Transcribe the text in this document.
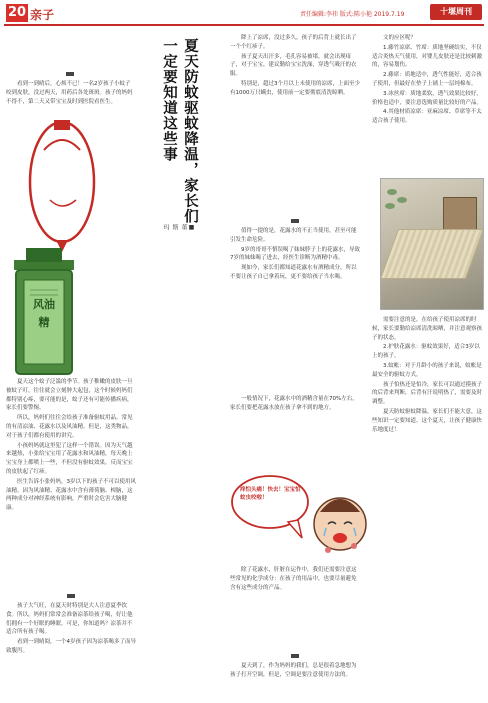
20 亲子	责任编辑:李祎 版式:陈小艳 2019.7.19	十堰周刊

看到一到晴后，心烦不已！一名2岁孩子小蚊子咬到皮肤，没过两天，用药后各处斑斑。孩子的妈妈不得不，第二天又带宝宝及时到医院看医生。	夏天防蚊驱蚊降温，家长们一定要知道这些事
■董斯玛
风油精

夏天这个蚊子泛滥的季节。孩子稚嫩的皮肤一旦被蚊子叮，往往就会立刻肿大起包，这个时候妈妈们都特别心疼，要可能的是，蚊子还有可能传播疾病，家长们要警惕。

所以，妈妈们往往会给孩子准备驱蚊用品，常见的有清凉油、花露水以及风油精。但是，这类物品，对于孩子们都有使用的讲究。

小孩妈妈就这里犯了这样一个错误。因为天气越来越热，小张给宝宝用了花露水和风油精，每天晚上宝宝身上都喷上一些，不但没有驱蚊效果，反而宝宝的皮肤起了红疹。

医生告诉小张妈妈，3岁以下的孩子不可以使用风油精。因为风油精、花露水中含有薄荷脑、樟脑，这两种成分对神经系统有影响，严重时会危害大脑健康。

孩子大气旺，在夏天时特别是大人注意夏季饮食。所以，妈妈们常常会准备凉茶给孩子喝，好让他们拥有一个好眠的睡眠。可是，你知道吗？凉茶并不适合所有孩子喝。

看到一到晴阅，一个4岁孩子因为凉茶喝多了而导致腹泻。

降上了凉席，没过多久，孩子的后背上就长出了一个个红疹子。

孩子夏天出汗多，毛孔容易被堵，就会出现痱子，对于宝宝，建议勤给宝宝洗澡，穿透气吸汗的衣服。

特别是，超过3个月以上未使用的凉席，上面至少有1000万只螨虫，使用前一定要彻底清洗晾晒。

值得一提的是，花露水的不正当使用，甚至可能引发生命危险。

9岁的哥哥不慎误喝了妹妹脖子上的花露水，导致7岁的妹妹喝了进去，经医生诊断为酒精中毒。

现如今，家长们都知道花露水有酒精成分，所以不要让孩子自己拿着玩，更不要给孩子当水喝。

一般情况下，花露水中的酒精含量在70%左右，家长们要把花露水放在孩子拿不到的地方。

痒怕头痛！快去！宝宝怕蚊虫咬啦！

除了花露水，肝脏在运作中，我们还需要注意这些常见的化学成分：在孩子的用品中，也要尽量避免含有这些成分的产品。

夏天到了，作为妈妈的我们，总是很着急地想为孩子打开空调，但是，空调是要注意使用方法的。

文的应区呢？

1.藤竹凉席、竹席：质地坚硬结实，不仅适合炎热天气使用，对婴儿皮肤还是比较刺激的，容易划伤。

2.藤席：质地适中，透气性能好，适合孩子使用，但最好在垫子上铺上一层纯棉布。

3.冰丝席：质地柔软，透气效果比较好，价格也适中，要注意选购质量比较好的产品。

4.其他材质凉席：亚麻凉席、草席等不太适合孩子使用。

需要注意的是，在给孩子使用凉席的时候，家长要勤给凉席清洗晾晒，并注意观察孩子的状态。

2.护肤花露水：驱蚊效果好，适合3岁以上的孩子。

3.蚊帐：对于月龄小的孩子来说，蚊帐是最安全的驱蚊方式。

孩子怕热还是怕冷，家长可以通过摸孩子的后背来判断，后背有汗说明热了，需要及时调整。

夏天防蚊驱蚊降温，家长们不能大意，这些知识一定要知道。这个夏天，让孩子健康快乐地度过！
